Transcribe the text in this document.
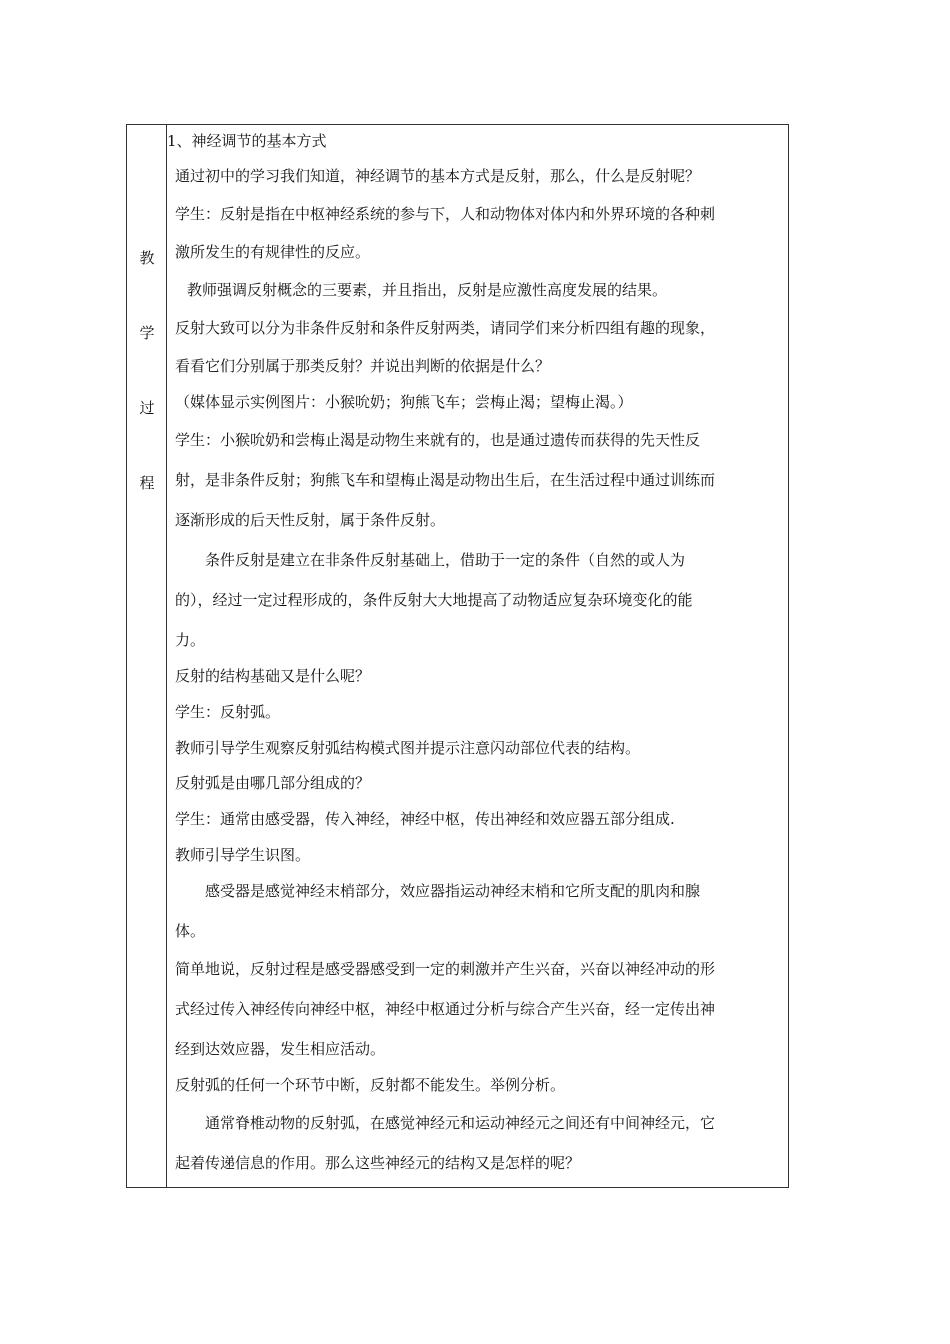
教
学
过
程
1、神经调节的基本方式
通过初中的学习我们知道，神经调节的基本方式是反射，那么，什么是反射呢？
学生：反射是指在中枢神经系统的参与下，人和动物体对体内和外界环境的各种刺
激所发生的有规律性的反应。
教师强调反射概念的三要素，并且指出，反射是应激性高度发展的结果。
反射大致可以分为非条件反射和条件反射两类，请同学们来分析四组有趣的现象，
看看它们分别属于那类反射？并说出判断的依据是什么？
（媒体显示实例图片：小猴吮奶；狗熊飞车；尝梅止渴；望梅止渴。）
学生：小猴吮奶和尝梅止渴是动物生来就有的，也是通过遗传而获得的先天性反
射，是非条件反射；狗熊飞车和望梅止渴是动物出生后，在生活过程中通过训练而
逐渐形成的后天性反射，属于条件反射。
条件反射是建立在非条件反射基础上，借助于一定的条件（自然的或人为
的），经过一定过程形成的，条件反射大大地提高了动物适应复杂环境变化的能
力。
反射的结构基础又是什么呢？
学生：反射弧。
教师引导学生观察反射弧结构模式图并提示注意闪动部位代表的结构。
反射弧是由哪几部分组成的？
学生：通常由感受器，传入神经，神经中枢，传出神经和效应器五部分组成.
教师引导学生识图。
感受器是感觉神经末梢部分，效应器指运动神经末梢和它所支配的肌肉和腺
体。
简单地说，反射过程是感受器感受到一定的刺激并产生兴奋，兴奋以神经冲动的形
式经过传入神经传向神经中枢，神经中枢通过分析与综合产生兴奋，经一定传出神
经到达效应器，发生相应活动。
反射弧的任何一个环节中断，反射都不能发生。举例分析。
通常脊椎动物的反射弧，在感觉神经元和运动神经元之间还有中间神经元，它
起着传递信息的作用。那么这些神经元的结构又是怎样的呢？
